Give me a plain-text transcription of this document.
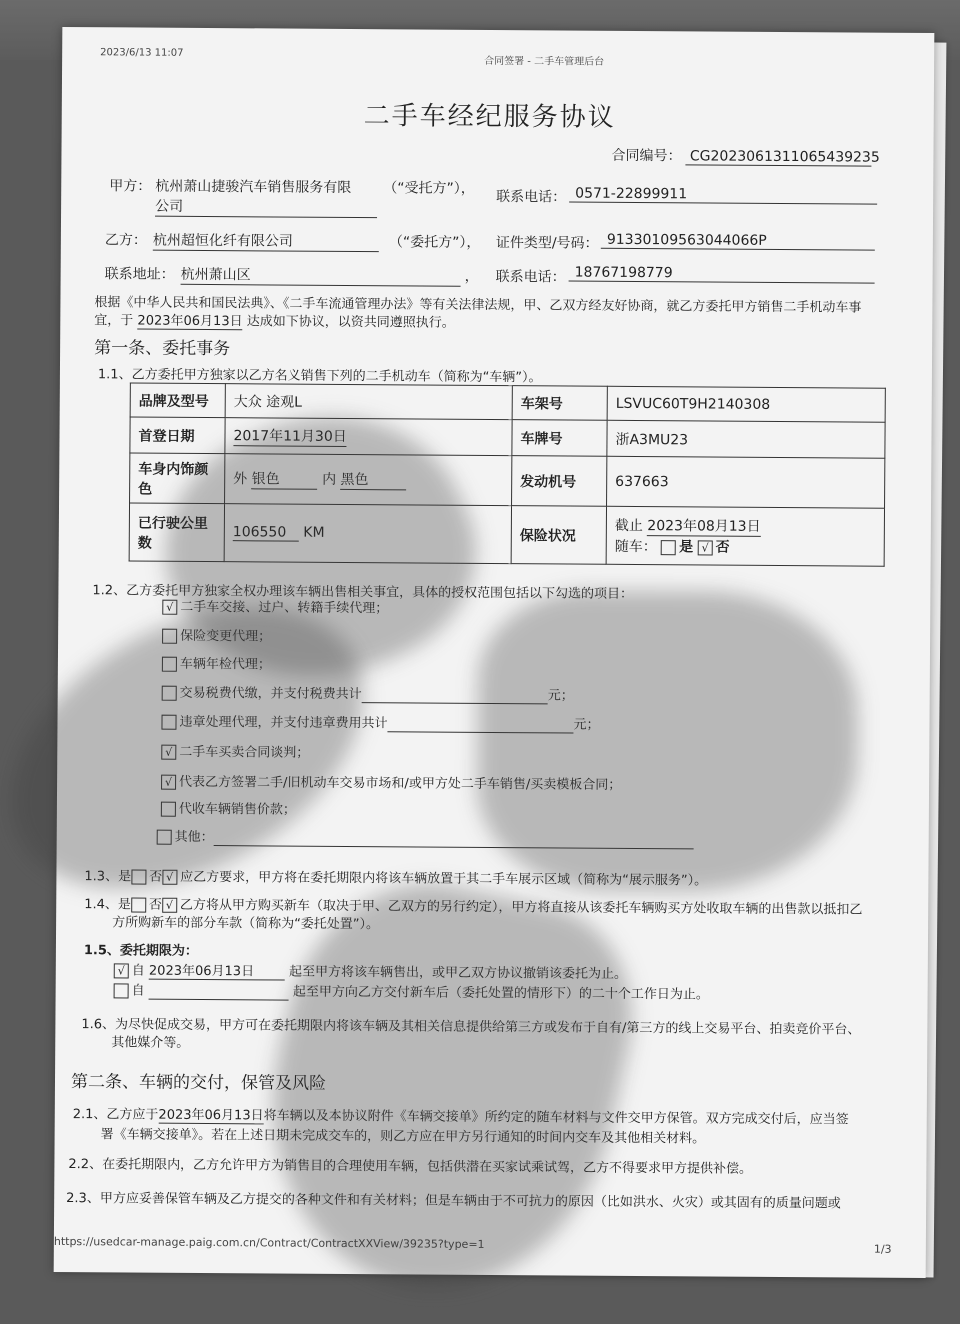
2023/6/13 11:07
合同签署 - 二手车管理后台
二手车经纪服务协议
合同编号： CG2023061311065439235
甲方： 杭州萧山捷骏汽车销售服务有限
公司
（“受托方”），
联系电话： 0571-22899911
乙方： 杭州超恒化纤有限公司	（“委托方”）， 证件类型/号码： 91330109563044066P
联系地址： 杭州萧山区	， 联系电话： 18767198779
根据《中华人民共和国民法典》、《二手车流通管理办法》等有关法律法规，甲、乙双方经友好协商，就乙方委托甲方销售二手机动车事
宜，于 2023年06月13日 达成如下协议，以资共同遵照执行。
第一条、委托事务
1.1、乙方委托甲方独家以乙方名义销售下列的二手机动车（简称为“车辆”）。
品牌及型号	大众 途观L	车架号	LSVUC60T9H2140308
首登日期	2017年11月30日	车牌号	浙A3MU23
车身内饰颜色	外 银色 内 黑色	发动机号	637663
已行驶公里数	106550 KM	保险状况	截止 2023年08月13日
随车： 是 √ 否
1.2、乙方委托甲方独家全权办理该车辆出售相关事宜，具体的授权范围包括以下勾选的项目：
√ 二手车交接、过户、转籍手续代理；
保险变更代理；
车辆年检代理；
交易税费代缴，并支付税费共计	元；
违章处理代理，并支付违章费用共计	元；
√ 二手车买卖合同谈判；
√ 代表乙方签署二手/旧机动车交易市场和/或甲方处二手车销售/买卖模板合同；
代收车辆销售价款；
其他：
1.3、是 否 √ 应乙方要求，甲方将在委托期限内将该车辆放置于其二手车展示区域（简称为“展示服务”）。
1.4、是 否 √ 乙方将从甲方购买新车（取决于甲、乙双方的另行约定），甲方将直接从该委托车辆购买方处收取车辆的出售款以抵扣乙
方所购新车的部分车款（简称为“委托处置”）。
1.5、委托期限为：
√ 自 2023年06月13日	起至甲方将该车辆售出，或甲乙双方协议撤销该委托为止。
自	起至甲方向乙方交付新车后（委托处置的情形下）的二十个工作日为止。
1.6、为尽快促成交易，甲方可在委托期限内将该车辆及其相关信息提供给第三方或发布于自有/第三方的线上交易平台、拍卖竞价平台、
其他媒介等。
第二条、车辆的交付，保管及风险
2.1、乙方应于2023年06月13日将车辆以及本协议附件《车辆交接单》所约定的随车材料与文件交甲方保管。双方完成交付后，应当签
署《车辆交接单》。若在上述日期未完成交车的，则乙方应在甲方另行通知的时间内交车及其他相关材料。
2.2、在委托期限内，乙方允许甲方为销售目的合理使用车辆，包括供潜在买家试乘试驾，乙方不得要求甲方提供补偿。
2.3、甲方应妥善保管车辆及乙方提交的各种文件和有关材料；但是车辆由于不可抗力的原因（比如洪水、火灾）或其固有的质量问题或
https://usedcar-manage.paig.com.cn/Contract/ContractXXView/39235?type=1	1/3
